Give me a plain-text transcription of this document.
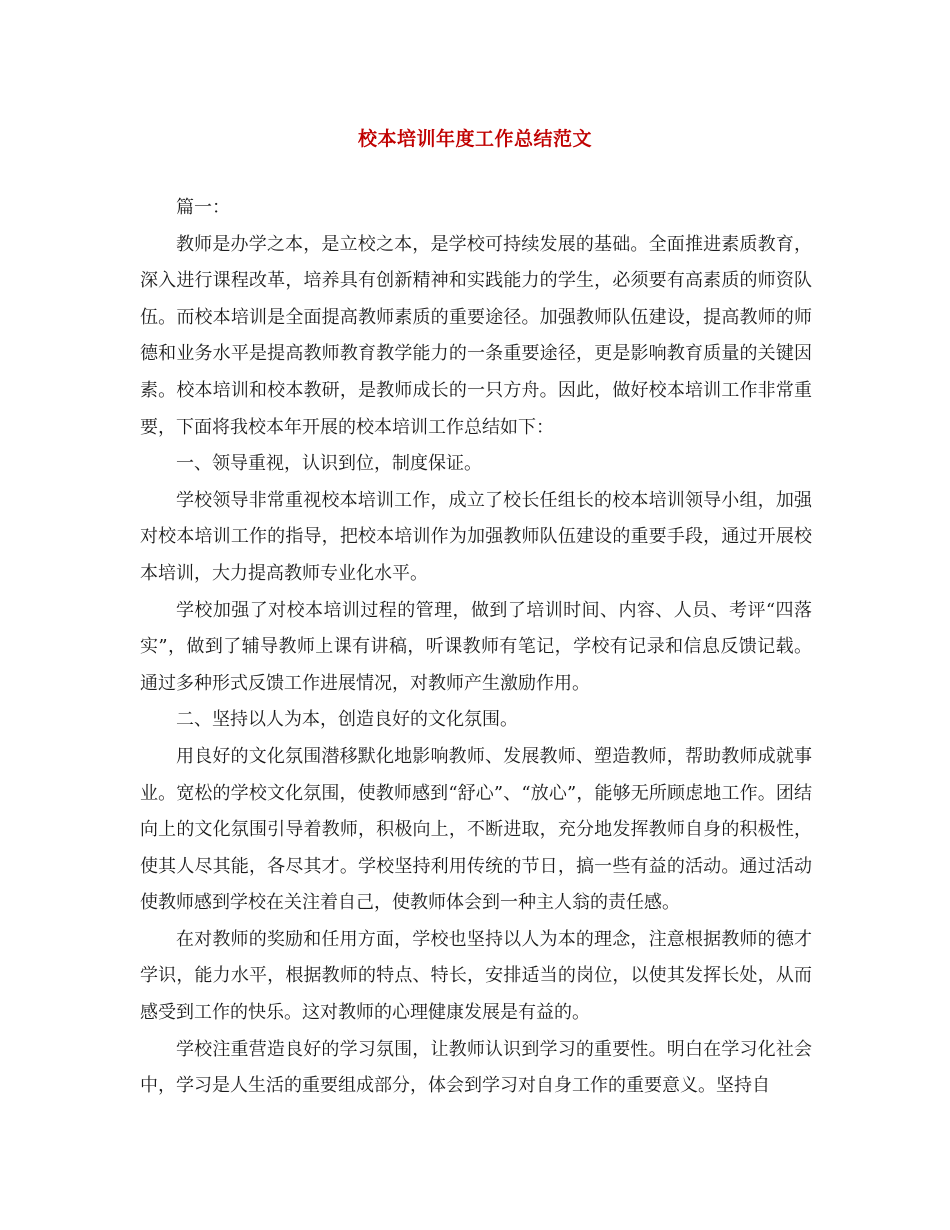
校本培训年度工作总结范文

篇一：

教师是办学之本，是立校之本，是学校可持续发展的基础。全面推进素质教育，深入进行课程改革，培养具有创新精神和实践能力的学生，必须要有高素质的师资队伍。而校本培训是全面提高教师素质的重要途径。加强教师队伍建设，提高教师的师德和业务水平是提高教师教育教学能力的一条重要途径，更是影响教育质量的关键因素。校本培训和校本教研，是教师成长的一只方舟。因此，做好校本培训工作非常重要，下面将我校本年开展的校本培训工作总结如下：

一、领导重视，认识到位，制度保证。

学校领导非常重视校本培训工作，成立了校长任组长的校本培训领导小组，加强对校本培训工作的指导，把校本培训作为加强教师队伍建设的重要手段，通过开展校本培训，大力提高教师专业化水平。

学校加强了对校本培训过程的管理，做到了培训时间、内容、人员、考评“四落实”，做到了辅导教师上课有讲稿，听课教师有笔记，学校有记录和信息反馈记载。通过多种形式反馈工作进展情况，对教师产生激励作用。

二、坚持以人为本，创造良好的文化氛围。

用良好的文化氛围潜移默化地影响教师、发展教师、塑造教师，帮助教师成就事业。宽松的学校文化氛围，使教师感到“舒心”、“放心”，能够无所顾虑地工作。团结向上的文化氛围引导着教师，积极向上，不断进取，充分地发挥教师自身的积极性，使其人尽其能，各尽其才。学校坚持利用传统的节日，搞一些有益的活动。通过活动使教师感到学校在关注着自己，使教师体会到一种主人翁的责任感。

在对教师的奖励和任用方面，学校也坚持以人为本的理念，注意根据教师的德才学识，能力水平，根据教师的特点、特长，安排适当的岗位，以使其发挥长处，从而感受到工作的快乐。这对教师的心理健康发展是有益的。

学校注重营造良好的学习氛围，让教师认识到学习的重要性。明白在学习化社会中，学习是人生活的重要组成部分，体会到学习对自身工作的重要意义。坚持自
